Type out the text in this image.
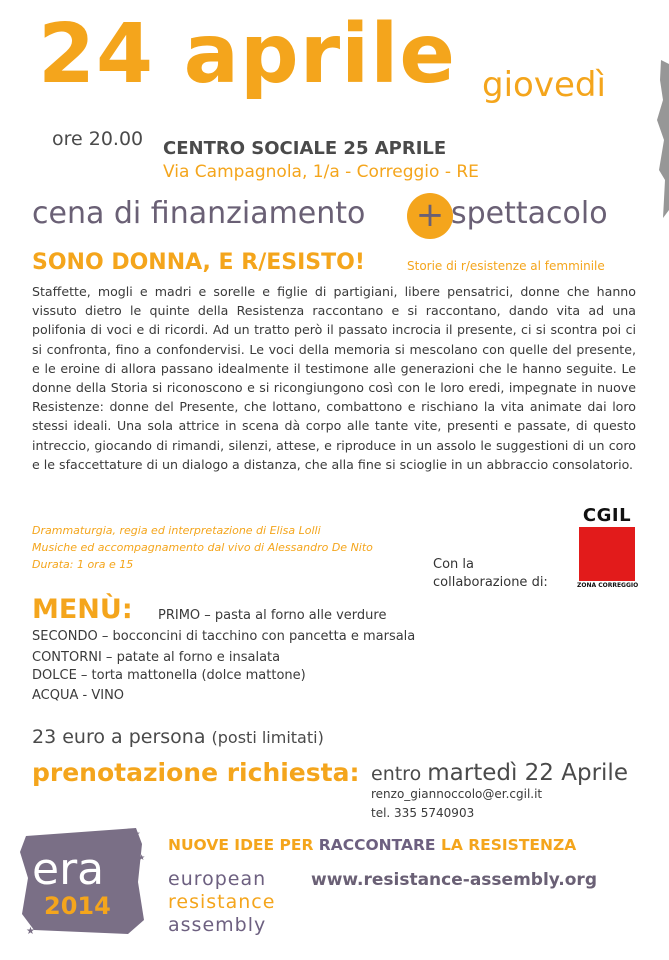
24 aprile giovedì
ore 20.00 CENTRO SOCIALE 25 APRILE
Via Campagnola, 1/a - Correggio - RE
+
cena di finanziamento	spettacolo
SONO DONNA, E R/ESISTO!	Storie di r/esistenze al femminile
Staffette, mogli e madri e sorelle e figlie di partigiani, libere pensatrici, donne che hanno vissuto dietro le quinte della Resistenza raccontano e si raccontano, dando vita ad una polifonia di voci e di ricordi. Ad un tratto però il passato incrocia il presente, ci si scontra poi ci si confronta, fino a confondervisi. Le voci della memoria si mescolano con quelle del presente, e le eroine di allora passano idealmente il testimone alle generazioni che le hanno seguite. Le donne della Storia si riconoscono e si ricongiungono così con le loro eredi, impegnate in nuove Resistenze: donne del Presente, che lottano, combattono e rischiano la vita animate dai loro stessi ideali. Una sola attrice in scena dà corpo alle tante vite, presenti e passate, di questo intreccio, giocando di rimandi, silenzi, attese, e riproduce in un assolo le suggestioni di un coro e le sfaccettature di un dialogo a distanza, che alla fine si scioglie in un abbraccio consolatorio.
Drammaturgia, regia ed interpretazione di Elisa Lolli
Musiche ed accompagnamento dal vivo di Alessandro De Nito
Durata: 1 ora e 15	Con la
collaborazione di:
CGIL
ZONA CORREGGIO
MENÙ: PRIMO – pasta al forno alle verdure
SECONDO – bocconcini di tacchino con pancetta e marsala
CONTORNI – patate al forno e insalata
DOLCE – torta mattonella (dolce mattone)
ACQUA - VINO
23 euro a persona (posti limitati)
prenotazione richiesta: entro martedì 22 Aprile
renzo_giannoccolo@er.cgil.it
tel. 335 5740903
era
2014
★
★
★
NUOVE IDEE PER RACCONTARE LA RESISTENZA
european
resistance
assembly
www.resistance-assembly.org
